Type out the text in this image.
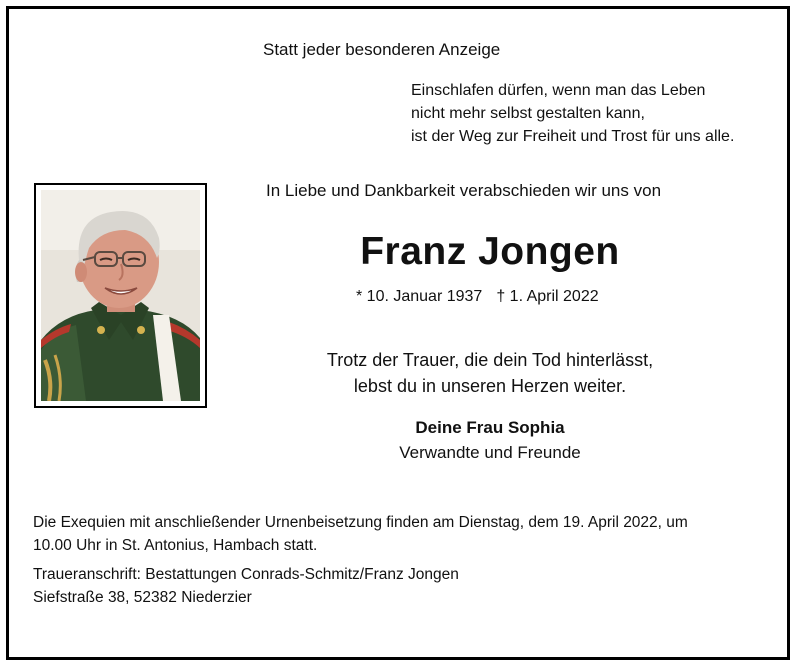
Statt jeder besonderen Anzeige
Einschlafen dürfen, wenn man das Leben
nicht mehr selbst gestalten kann,
ist der Weg zur Freiheit und Trost für uns alle.
In Liebe und Dankbarkeit verabschieden wir uns von
Franz Jongen
* 10. Januar 1937 † 1. April 2022
Trotz der Trauer, die dein Tod hinterlässt,
lebst du in unseren Herzen weiter.
Deine Frau Sophia
Verwandte und Freunde
Die Exequien mit anschließender Urnenbeisetzung finden am Dienstag, dem 19. April 2022, um
10.00 Uhr in St. Antonius, Hambach statt.
Traueranschrift: Bestattungen Conrads-Schmitz/Franz Jongen
Siefstraße 38, 52382 Niederzier
